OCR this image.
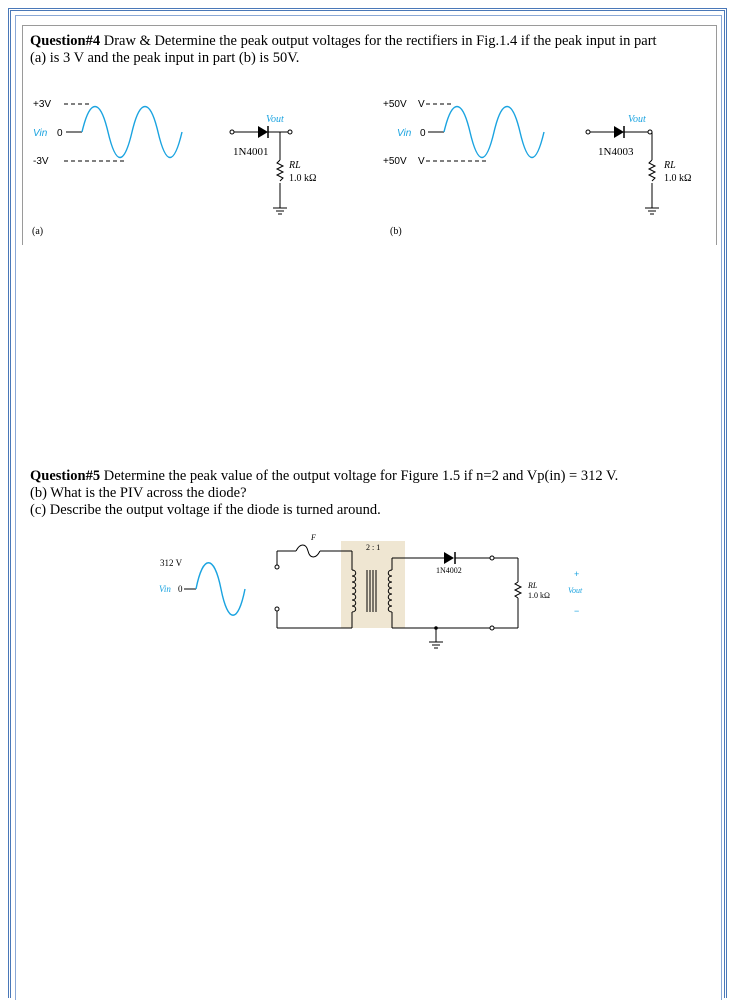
Question#4 Draw & Determine the peak output voltages for the rectifiers in Fig.1.4 if the peak input in part
(a) is 3 V and the peak input in part (b) is 50V.
+3V
-3V
Vin 0
Vout
1N4001
RL
1.0 kΩ
(a)
+50V V
Vin 0
+50V V
Vout
1N4003
RL
1.0 kΩ
(b)
Question#5 Determine the peak value of the output voltage for Figure 1.5 if n=2 and Vp(in) = 312 V.
(b) What is the PIV across the diode?
(c) Describe the output voltage if the diode is turned around.
312 V
Vin 0
F
2 : 1
1N4002
RL
1.0 kΩ
Vout
+
−
